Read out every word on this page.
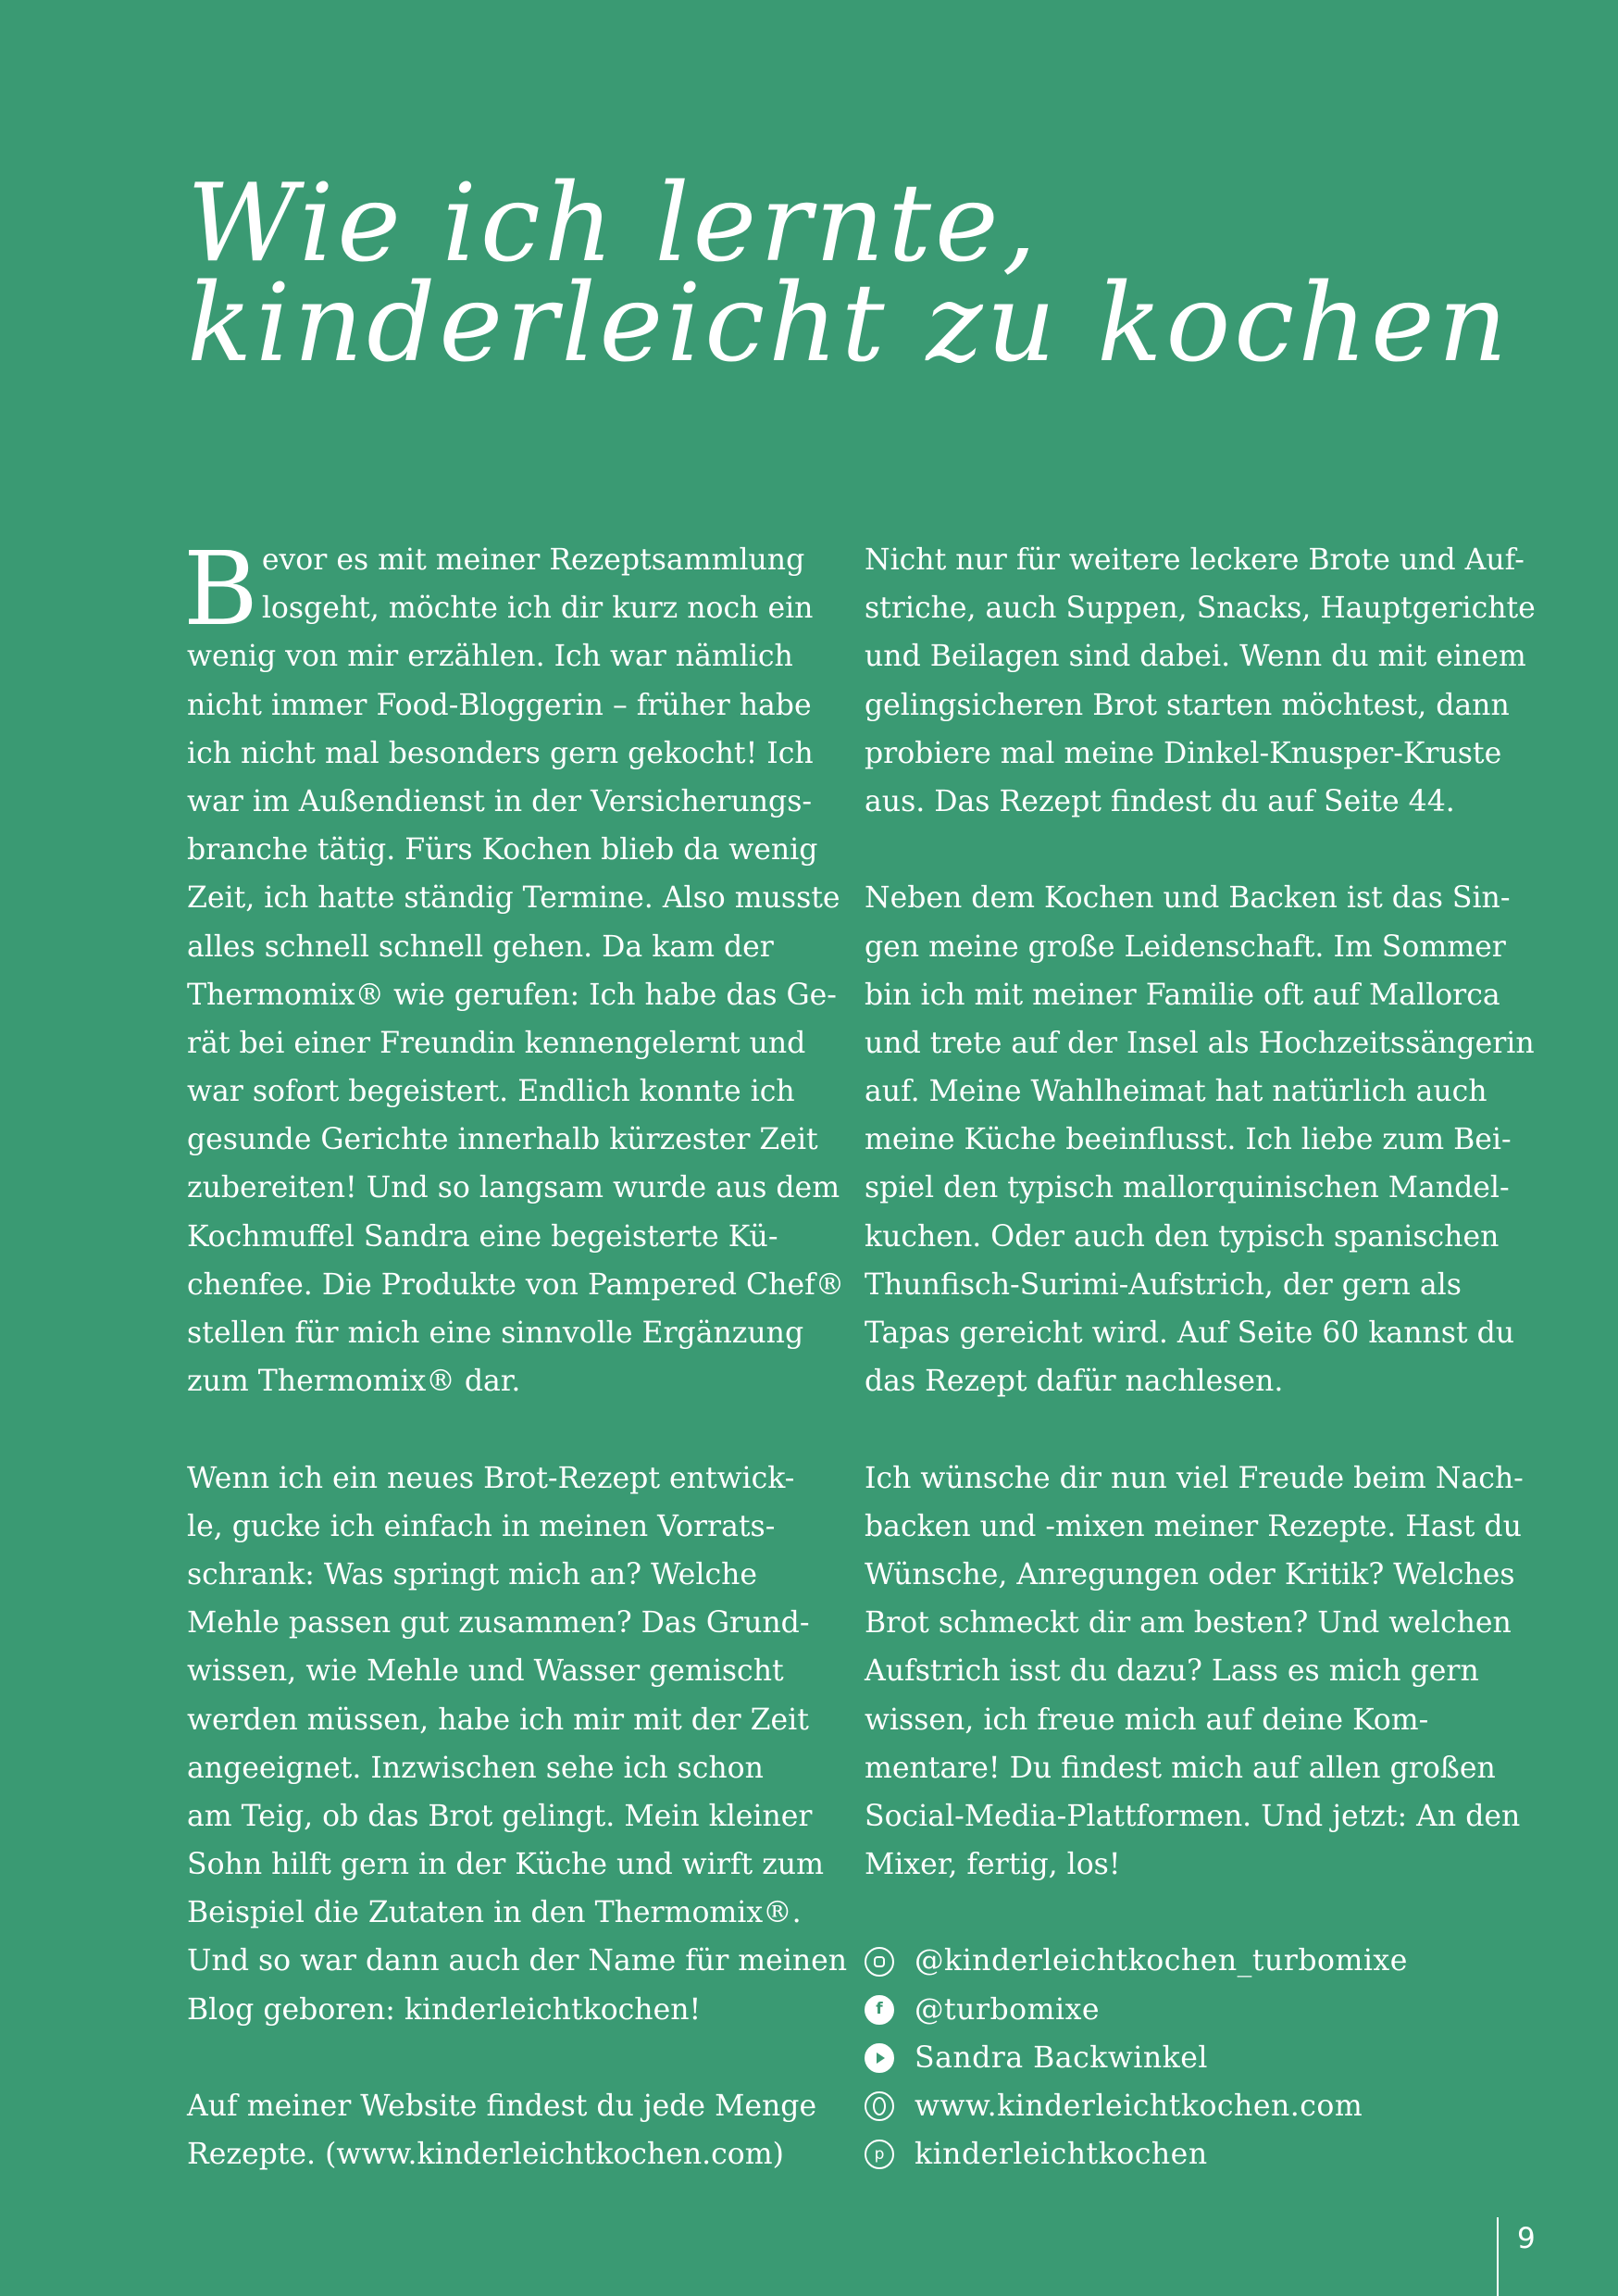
Wie ich lernte,
kinderleicht zu kochen
B evor es mit meiner Rezeptsammlung
losgeht, möchte ich dir kurz noch ein
wenig von mir erzählen. Ich war nämlich
nicht immer Food-Bloggerin – früher habe
ich nicht mal besonders gern gekocht! Ich
war im Außendienst in der Versicherungs-
branche tätig. Fürs Kochen blieb da wenig
Zeit, ich hatte ständig Termine. Also musste
alles schnell schnell gehen. Da kam der
Thermomix® wie gerufen: Ich habe das Ge-
rät bei einer Freundin kennengelernt und
war sofort begeistert. Endlich konnte ich
gesunde Gerichte innerhalb kürzester Zeit
zubereiten! Und so langsam wurde aus dem
Kochmuffel Sandra eine begeisterte Kü-
chenfee. Die Produkte von Pampered Chef®
stellen für mich eine sinnvolle Ergänzung
zum Thermomix® dar.
Wenn ich ein neues Brot-Rezept entwick-
le, gucke ich einfach in meinen Vorrats-
schrank: Was springt mich an? Welche
Mehle passen gut zusammen? Das Grund-
wissen, wie Mehle und Wasser gemischt
werden müssen, habe ich mir mit der Zeit
angeeignet. Inzwischen sehe ich schon
am Teig, ob das Brot gelingt. Mein kleiner
Sohn hilft gern in der Küche und wirft zum
Beispiel die Zutaten in den Thermomix®.
Und so war dann auch der Name für meinen
Blog geboren: kinderleichtkochen!
Auf meiner Website findest du jede Menge
Rezepte. (www.kinderleichtkochen.com)
Nicht nur für weitere leckere Brote und Auf-
striche, auch Suppen, Snacks, Hauptgerichte
und Beilagen sind dabei. Wenn du mit einem
gelingsicheren Brot starten möchtest, dann
probiere mal meine Dinkel-Knusper-Kruste
aus. Das Rezept findest du auf Seite 44.
Neben dem Kochen und Backen ist das Sin-
gen meine große Leidenschaft. Im Sommer
bin ich mit meiner Familie oft auf Mallorca
und trete auf der Insel als Hochzeitssängerin
auf. Meine Wahlheimat hat natürlich auch
meine Küche beeinflusst. Ich liebe zum Bei-
spiel den typisch mallorquinischen Mandel-
kuchen. Oder auch den typisch spanischen
Thunfisch-Surimi-Aufstrich, der gern als
Tapas gereicht wird. Auf Seite 60 kannst du
das Rezept dafür nachlesen.
Ich wünsche dir nun viel Freude beim Nach-
backen und -mixen meiner Rezepte. Hast du
Wünsche, Anregungen oder Kritik? Welches
Brot schmeckt dir am besten? Und welchen
Aufstrich isst du dazu? Lass es mich gern
wissen, ich freue mich auf deine Kom-
mentare! Du findest mich auf allen großen
Social-Media-Plattformen. Und jetzt: An den
Mixer, fertig, los!
@kinderleichtkochen_turbomixe
f	@turbomixe
Sandra Backwinkel
www.kinderleichtkochen.com
p	kinderleichtkochen
9
